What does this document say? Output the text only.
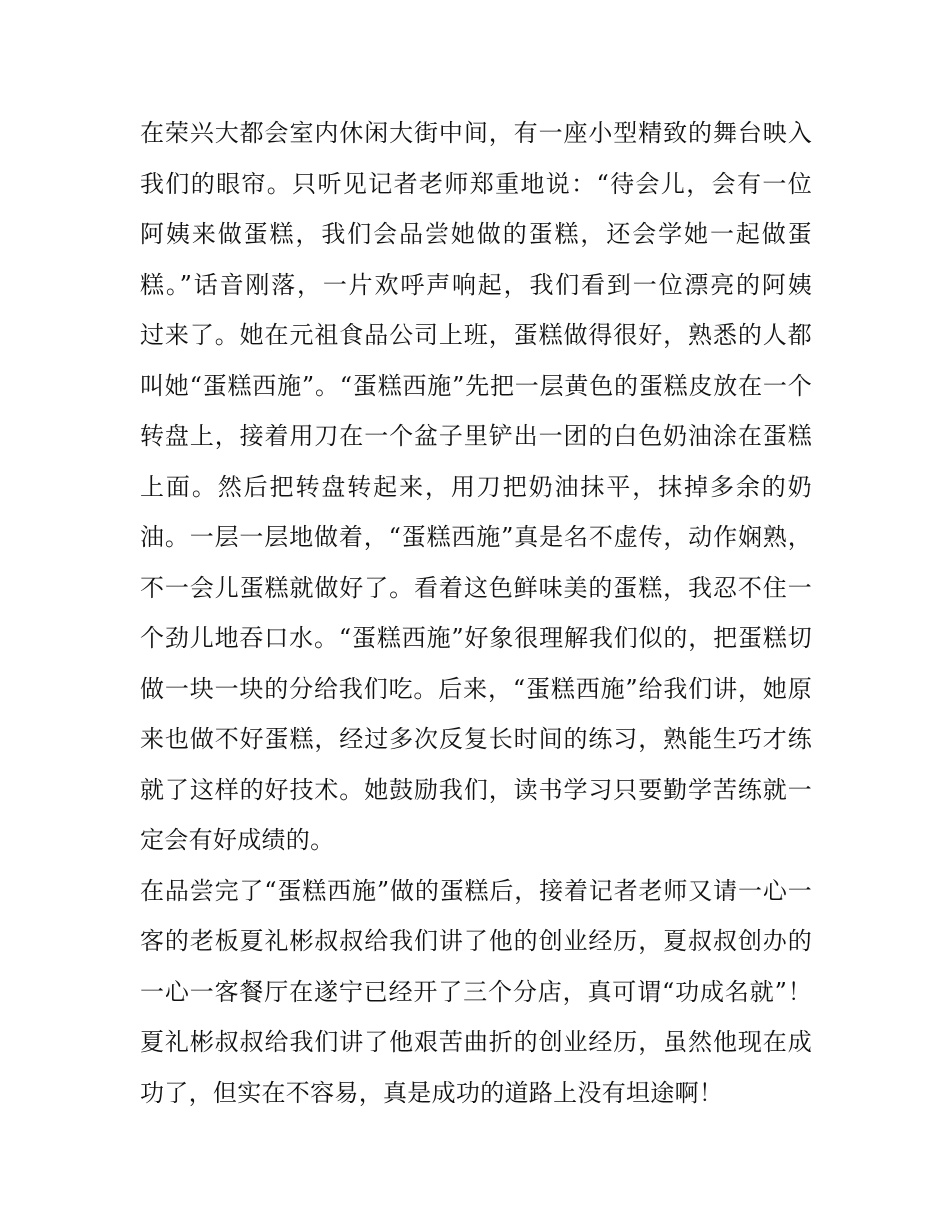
在荣兴大都会室内休闲大街中间，有一座小型精致的舞台映入
我们的眼帘。只听见记者老师郑重地说：“待会儿，会有一位
阿姨来做蛋糕，我们会品尝她做的蛋糕，还会学她一起做蛋
糕。”话音刚落，一片欢呼声响起，我们看到一位漂亮的阿姨
过来了。她在元祖食品公司上班，蛋糕做得很好，熟悉的人都
叫她“蛋糕西施”。“蛋糕西施”先把一层黄色的蛋糕皮放在一个
转盘上，接着用刀在一个盆子里铲出一团的白色奶油涂在蛋糕
上面。然后把转盘转起来，用刀把奶油抹平，抹掉多余的奶
油。一层一层地做着，“蛋糕西施”真是名不虚传，动作娴熟，
不一会儿蛋糕就做好了。看着这色鲜味美的蛋糕，我忍不住一
个劲儿地吞口水。“蛋糕西施”好象很理解我们似的，把蛋糕切
做一块一块的分给我们吃。后来，“蛋糕西施”给我们讲，她原
来也做不好蛋糕，经过多次反复长时间的练习，熟能生巧才练
就了这样的好技术。她鼓励我们，读书学习只要勤学苦练就一
定会有好成绩的。
在品尝完了“蛋糕西施”做的蛋糕后，接着记者老师又请一心一
客的老板夏礼彬叔叔给我们讲了他的创业经历，夏叔叔创办的
一心一客餐厅在遂宁已经开了三个分店，真可谓“功成名就”！
夏礼彬叔叔给我们讲了他艰苦曲折的创业经历，虽然他现在成
功了，但实在不容易，真是成功的道路上没有坦途啊！
